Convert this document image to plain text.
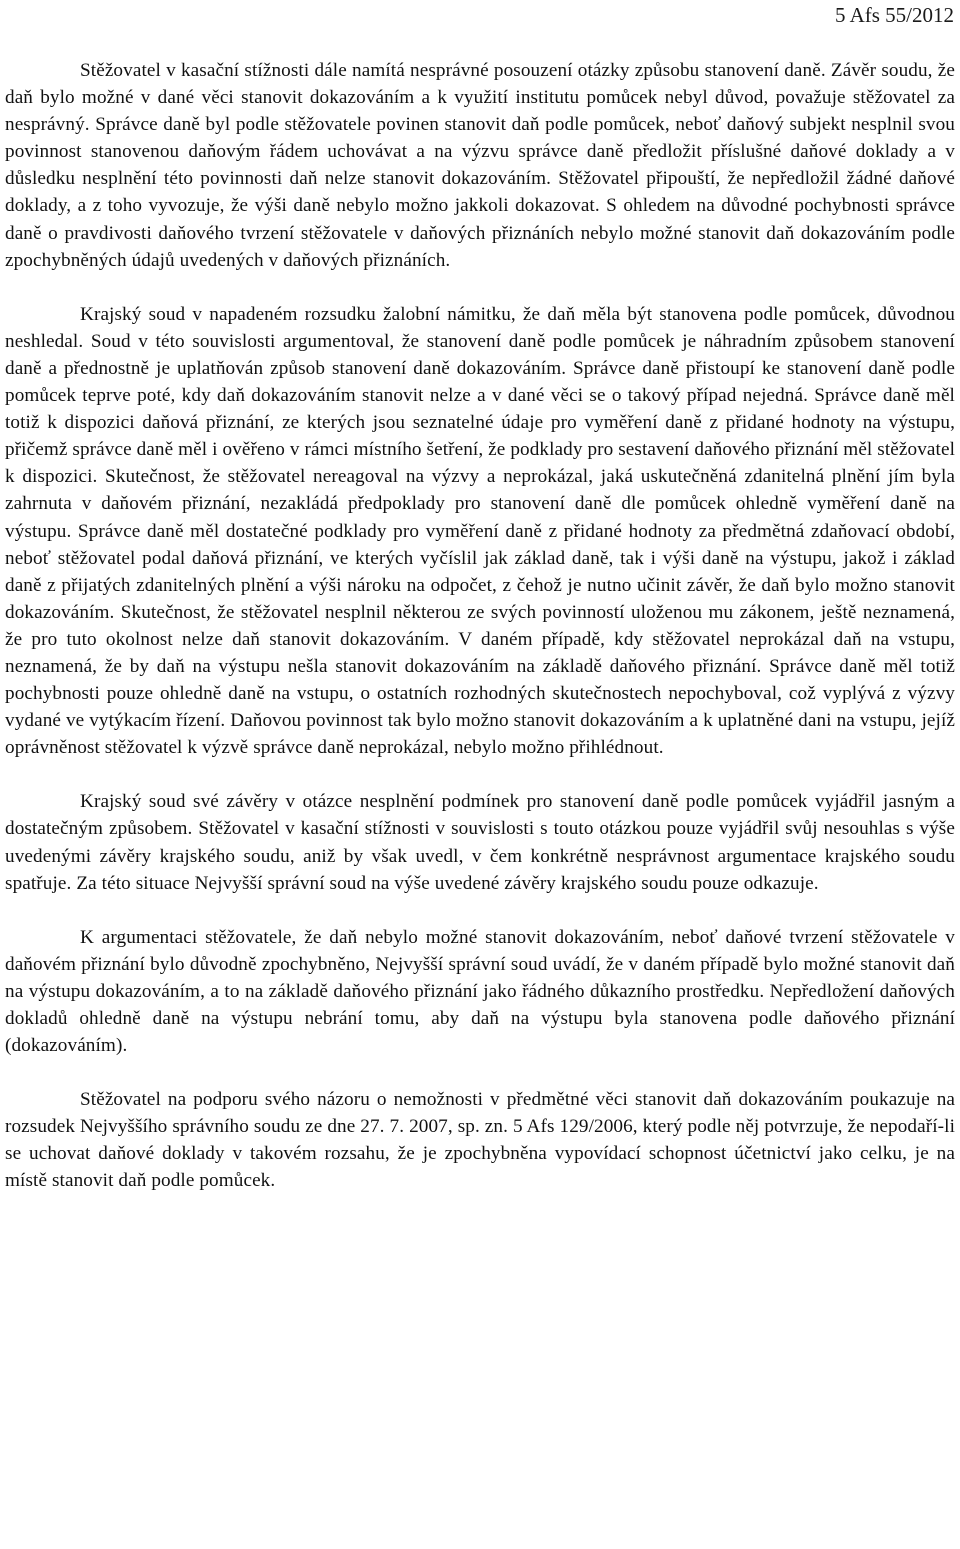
5 Afs 55/2012

Stěžovatel v kasační stížnosti dále namítá nesprávné posouzení otázky způsobu stanovení daně. Závěr soudu, že daň bylo možné v dané věci stanovit dokazováním a k využití institutu pomůcek nebyl důvod, považuje stěžovatel za nesprávný. Správce daně byl podle stěžovatele povinen stanovit daň podle pomůcek, neboť daňový subjekt nesplnil svou povinnost stanovenou daňovým řádem uchovávat a na výzvu správce daně předložit příslušné daňové doklady a v důsledku nesplnění této povinnosti daň nelze stanovit dokazováním. Stěžovatel připouští, že nepředložil žádné daňové doklady, a z toho vyvozuje, že výši daně nebylo možno jakkoli dokazovat. S ohledem na důvodné pochybnosti správce daně o pravdivosti daňového tvrzení stěžovatele v daňových přiznáních nebylo možné stanovit daň dokazováním podle zpochybněných údajů uvedených v daňových přiznáních.

Krajský soud v napadeném rozsudku žalobní námitku, že daň měla být stanovena podle pomůcek, důvodnou neshledal. Soud v této souvislosti argumentoval, že stanovení daně podle pomůcek je náhradním způsobem stanovení daně a přednostně je uplatňován způsob stanovení daně dokazováním. Správce daně přistoupí ke stanovení daně podle pomůcek teprve poté, kdy daň dokazováním stanovit nelze a v dané věci se o takový případ nejedná. Správce daně měl totiž k dispozici daňová přiznání, ze kterých jsou seznatelné údaje pro vyměření daně z přidané hodnoty na výstupu, přičemž správce daně měl i ověřeno v rámci místního šetření, že podklady pro sestavení daňového přiznání měl stěžovatel k dispozici. Skutečnost, že stěžovatel nereagoval na výzvy a neprokázal, jaká uskutečněná zdanitelná plnění jím byla zahrnuta v daňovém přiznání, nezakládá předpoklady pro stanovení daně dle pomůcek ohledně vyměření daně na výstupu. Správce daně měl dostatečné podklady pro vyměření daně z přidané hodnoty za předmětná zdaňovací období, neboť stěžovatel podal daňová přiznání, ve kterých vyčíslil jak základ daně, tak i výši daně na výstupu, jakož i základ daně z přijatých zdanitelných plnění a výši nároku na odpočet, z čehož je nutno učinit závěr, že daň bylo možno stanovit dokazováním. Skutečnost, že stěžovatel nesplnil některou ze svých povinností uloženou mu zákonem, ještě neznamená, že pro tuto okolnost nelze daň stanovit dokazováním. V daném případě, kdy stěžovatel neprokázal daň na vstupu, neznamená, že by daň na výstupu nešla stanovit dokazováním na základě daňového přiznání. Správce daně měl totiž pochybnosti pouze ohledně daně na vstupu, o ostatních rozhodných skutečnostech nepochyboval, což vyplývá z výzvy vydané ve vytýkacím řízení. Daňovou povinnost tak bylo možno stanovit dokazováním a k uplatněné dani na vstupu, jejíž oprávněnost stěžovatel k výzvě správce daně neprokázal, nebylo možno přihlédnout.

Krajský soud své závěry v otázce nesplnění podmínek pro stanovení daně podle pomůcek vyjádřil jasným a dostatečným způsobem. Stěžovatel v kasační stížnosti v souvislosti s touto otázkou pouze vyjádřil svůj nesouhlas s výše uvedenými závěry krajského soudu, aniž by však uvedl, v čem konkrétně nesprávnost argumentace krajského soudu spatřuje. Za této situace Nejvyšší správní soud na výše uvedené závěry krajského soudu pouze odkazuje.

K argumentaci stěžovatele, že daň nebylo možné stanovit dokazováním, neboť daňové tvrzení stěžovatele v daňovém přiznání bylo důvodně zpochybněno, Nejvyšší správní soud uvádí, že v daném případě bylo možné stanovit daň na výstupu dokazováním, a to na základě daňového přiznání jako řádného důkazního prostředku. Nepředložení daňových dokladů ohledně daně na výstupu nebrání tomu, aby daň na výstupu byla stanovena podle daňového přiznání (dokazováním).

Stěžovatel na podporu svého názoru o nemožnosti v předmětné věci stanovit daň dokazováním poukazuje na rozsudek Nejvyššího správního soudu ze dne 27. 7. 2007, sp. zn. 5 Afs 129/2006, který podle něj potvrzuje, že nepodaří-li se uchovat daňové doklady v takovém rozsahu, že je zpochybněna vypovídací schopnost účetnictví jako celku, je na místě stanovit daň podle pomůcek.
